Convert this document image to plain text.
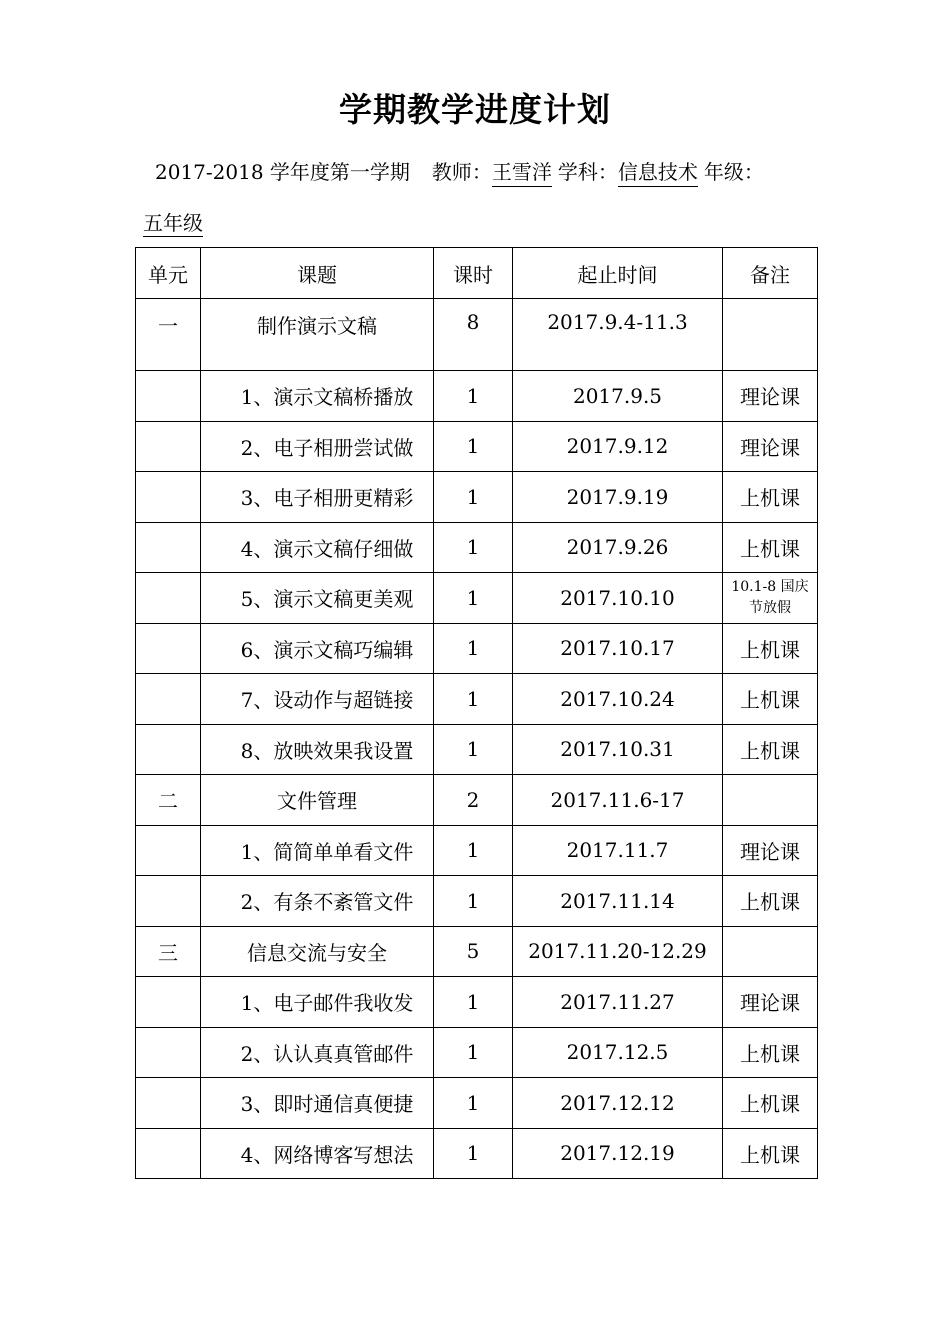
学期教学进度计划
2017-2018 学年度第一学期 教师：王雪洋 学科：信息技术 年级：
五年级
单元	课题	课时	起止时间	备注
一	制作演示文稿	8	2017.9.4-11.3	
	1、演示文稿桥播放	1	2017.9.5	理论课
	2、电子相册尝试做	1	2017.9.12	理论课
	3、电子相册更精彩	1	2017.9.19	上机课
	4、演示文稿仔细做	1	2017.9.26	上机课
	5、演示文稿更美观	1	2017.10.10	10.1-8 国庆节放假

	6、演示文稿巧编辑	1	2017.10.17	上机课
	7、设动作与超链接	1	2017.10.24	上机课
	8、放映效果我设置	1	2017.10.31	上机课
二	文件管理	2	2017.11.6-17	
	1、简简单单看文件	1	2017.11.7	理论课
	2、有条不紊管文件	1	2017.11.14	上机课
三	信息交流与安全	5	2017.11.20-12.29	
	1、电子邮件我收发	1	2017.11.27	理论课
	2、认认真真管邮件	1	2017.12.5	上机课
	3、即时通信真便捷	1	2017.12.12	上机课
	4、网络博客写想法	1	2017.12.19	上机课
